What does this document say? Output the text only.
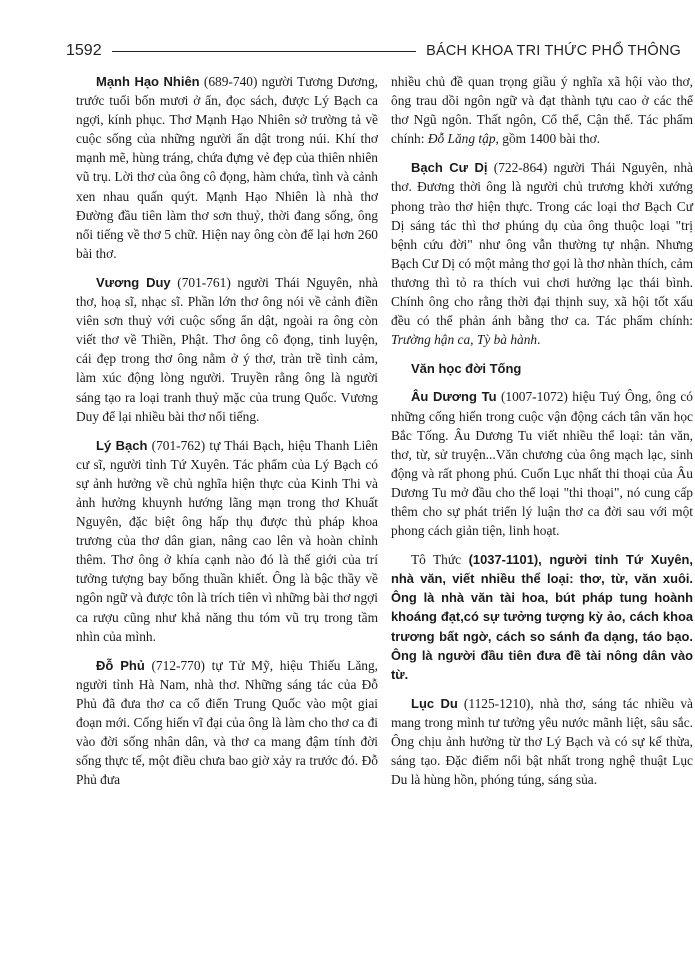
1592	BÁCH KHOA TRI THỨC PHỔ THÔNG

Mạnh Hạo Nhiên (689-740) người Tương Dương, trước tuổi bốn mươi ở ẩn, đọc sách, được Lý Bạch ca ngợi, kính phục. Thơ Mạnh Hạo Nhiên sở trường tả về cuộc sống của những người ẩn dật trong núi. Khí thơ mạnh mẽ, hùng tráng, chứa đựng vẻ đẹp của thiên nhiên vũ trụ. Lời thơ của ông cô đọng, hàm chứa, tình và cảnh xen nhau quấn quýt. Mạnh Hạo Nhiên là nhà thơ Đường đầu tiên làm thơ sơn thuỷ, thời đang sống, ông nổi tiếng về thơ 5 chữ. Hiện nay ông còn để lại hơn 260 bài thơ.

Vương Duy (701-761) người Thái Nguyên, nhà thơ, hoạ sĩ, nhạc sĩ. Phần lớn thơ ông nói về cảnh điền viên sơn thuỷ với cuộc sống ẩn dật, ngoài ra ông còn viết thơ về Thiền, Phật. Thơ ông cô đọng, tinh luyện, cái đẹp trong thơ ông nằm ở ý thơ, tràn trề tình cảm, làm xúc động lòng người. Truyền rằng ông là người sáng tạo ra loại tranh thuỷ mặc của trung Quốc. Vương Duy để lại nhiều bài thơ nổi tiếng.

Lý Bạch (701-762) tự Thái Bạch, hiệu Thanh Liên cư sĩ, người tỉnh Tứ Xuyên. Tác phẩm của Lý Bạch có sự ảnh hưởng về chủ nghĩa hiện thực của Kinh Thi và ảnh hưởng khuynh hướng lãng mạn trong thơ Khuất Nguyên, đặc biệt ông hấp thụ được thủ pháp khoa trương của thơ dân gian, nâng cao lên và hoàn chỉnh thêm. Thơ ông ở khía cạnh nào đó là thế giới của trí tưởng tượng bay bổng thuần khiết. Ông là bậc thầy về ngôn ngữ và được tôn là trích tiên vì những bài thơ ngợi ca rượu cũng như khả năng thu tóm vũ trụ trong tầm nhìn của mình.

Đỗ Phủ (712-770) tự Tử Mỹ, hiệu Thiếu Lăng, người tỉnh Hà Nam, nhà thơ. Những sáng tác của Đỗ Phủ đã đưa thơ ca cổ điển Trung Quốc vào một giai đoạn mới. Cống hiến vĩ đại của ông là làm cho thơ ca đi vào đời sống nhân dân, và thơ ca mang đậm tính đời sống thực tế, một điều chưa bao giờ xảy ra trước đó. Đỗ Phủ đưa

nhiều chủ đề quan trọng giầu ý nghĩa xã hội vào thơ, ông trau dồi ngôn ngữ và đạt thành tựu cao ở các thể thơ Ngũ ngôn. Thất ngôn, Cổ thể, Cận thể. Tác phẩm chính: Đỗ Lăng tập, gồm 1400 bài thơ.

Bạch Cư Dị (722-864) người Thái Nguyên, nhà thơ. Đương thời ông là người chủ trương khởi xướng phong trào thơ hiện thực. Trong các loại thơ Bạch Cư Dị sáng tác thì thơ phúng dụ của ông thuộc loại "trị bệnh cứu đời" như ông vẫn thường tự nhận. Nhưng Bạch Cư Dị có một mảng thơ gọi là thơ nhàn thích, cảm thương thì tỏ ra thích vui chơi hưởng lạc thái bình. Chính ông cho rằng thời đại thịnh suy, xã hội tốt xấu đều có thể phản ánh bằng thơ ca. Tác phẩm chính: Trường hận ca, Tỳ bà hành.

Văn học đời Tống

Âu Dương Tu (1007-1072) hiệu Tuý Ông, ông có những cống hiến trong cuộc vận động cách tân văn học Bắc Tống. Âu Dương Tu viết nhiều thể loại: tản văn, thơ, từ, sử truyện...Văn chương của ông mạch lạc, sinh động và rất phong phú. Cuốn Lục nhất thi thoại của Âu Dương Tu mở đầu cho thể loại "thi thoại", nó cung cấp thêm cho sự phát triển lý luận thơ ca đời sau với một phong cách giản tiện, linh hoạt.

Tô Thức (1037-1101), người tỉnh Tứ Xuyên, nhà văn, viết nhiều thể loại: thơ, từ, văn xuôi. Ông là nhà văn tài hoa, bút pháp tung hoành khoáng đạt,có sự tưởng tượng kỳ ảo, cách khoa trương bất ngờ, cách so sánh đa dạng, táo bạo. Ông là người đầu tiên đưa đề tài nông dân vào từ.

Lục Du (1125-1210), nhà thơ, sáng tác nhiều và mang trong mình tư tưởng yêu nước mãnh liệt, sâu sắc. Ông chịu ảnh hưởng từ thơ Lý Bạch và có sự kế thừa, sáng tạo. Đặc điểm nổi bật nhất trong nghệ thuật Lục Du là hùng hồn, phóng túng, sáng sủa.
